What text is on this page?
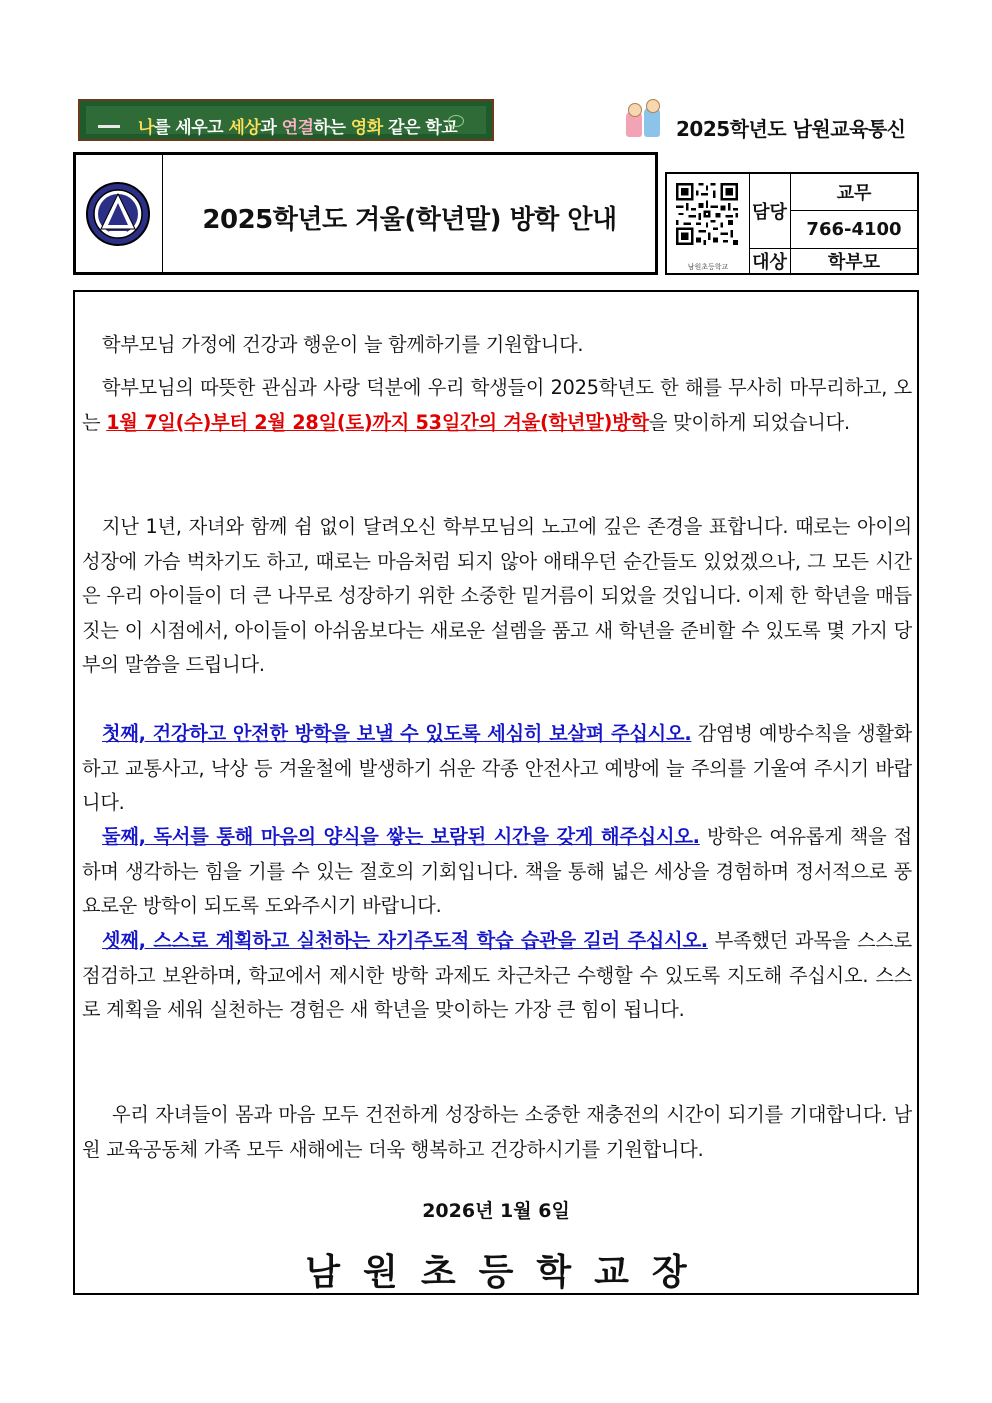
나를 세우고 세상과 연결하는 영화 같은 학교	2025학년도 남원교육통신
2025학년도 겨울(학년말) 방학 안내
남원초등학교
담당
교무
766-4100
대상	학부모

학부모님 가정에 건강과 행운이 늘 함께하기를 기원합니다.

학부모님의 따뜻한 관심과 사랑 덕분에 우리 학생들이 2025학년도 한 해를 무사히 마무리하고, 오는 1월 7일(수)부터 2월 28일(토)까지 53일간의 겨울(학년말)방학을 맞이하게 되었습니다.

지난 1년, 자녀와 함께 쉼 없이 달려오신 학부모님의 노고에 깊은 존경을 표합니다. 때로는 아이의 성장에 가슴 벅차기도 하고, 때로는 마음처럼 되지 않아 애태우던 순간들도 있었겠으나, 그 모든 시간은 우리 아이들이 더 큰 나무로 성장하기 위한 소중한 밑거름이 되었을 것입니다. 이제 한 학년을 매듭짓는 이 시점에서, 아이들이 아쉬움보다는 새로운 설렘을 품고 새 학년을 준비할 수 있도록 몇 가지 당부의 말씀을 드립니다.

첫째, 건강하고 안전한 방학을 보낼 수 있도록 세심히 보살펴 주십시오. 감염병 예방수칙을 생활화하고 교통사고, 낙상 등 겨울철에 발생하기 쉬운 각종 안전사고 예방에 늘 주의를 기울여 주시기 바랍니다.

둘째, 독서를 통해 마음의 양식을 쌓는 보람된 시간을 갖게 해주십시오. 방학은 여유롭게 책을 접하며 생각하는 힘을 기를 수 있는 절호의 기회입니다. 책을 통해 넓은 세상을 경험하며 정서적으로 풍요로운 방학이 되도록 도와주시기 바랍니다.

셋째, 스스로 계획하고 실천하는 자기주도적 학습 습관을 길러 주십시오. 부족했던 과목을 스스로 점검하고 보완하며, 학교에서 제시한 방학 과제도 차근차근 수행할 수 있도록 지도해 주십시오. 스스로 계획을 세워 실천하는 경험은 새 학년을 맞이하는 가장 큰 힘이 됩니다.

우리 자녀들이 몸과 마음 모두 건전하게 성장하는 소중한 재충전의 시간이 되기를 기대합니다. 남원 교육공동체 가족 모두 새해에는 더욱 행복하고 건강하시기를 기원합니다.

2026년 1월 6일
남원초등학교장
